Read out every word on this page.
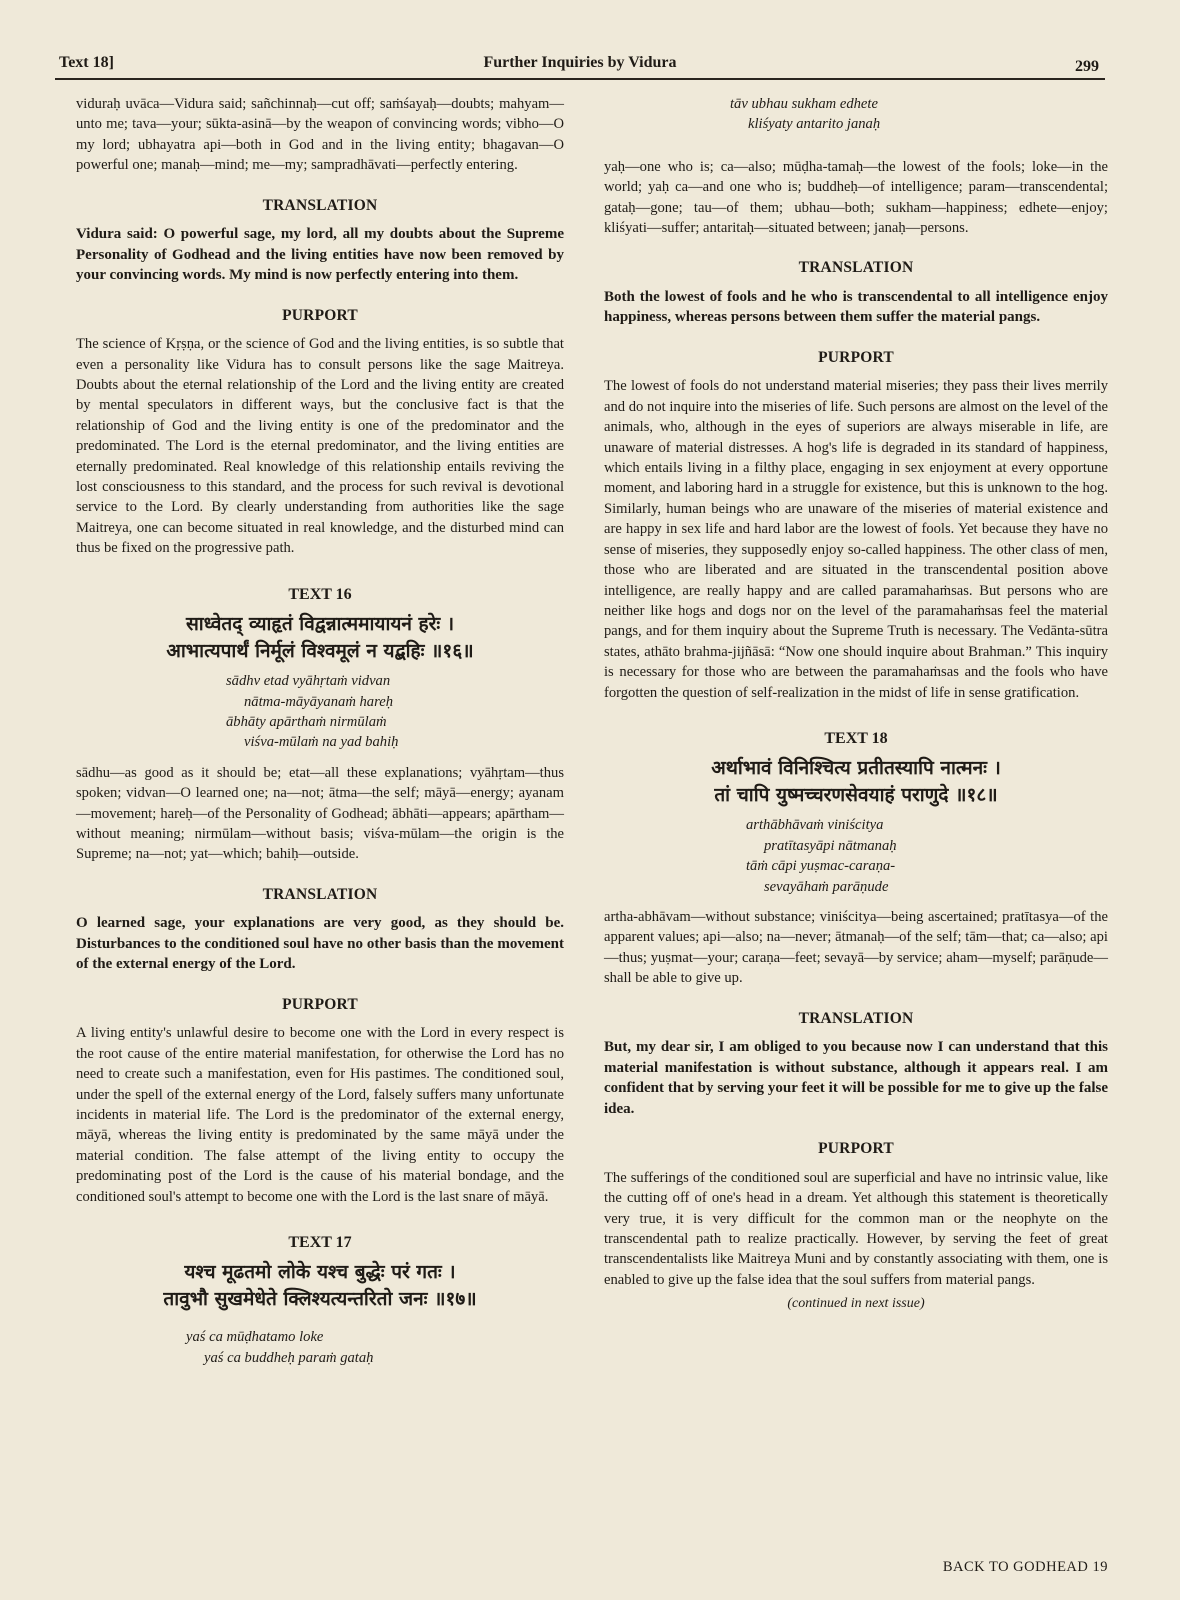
Text 18]	Further Inquiries by Vidura	299

viduraḥ uvāca—Vidura said; sañchinnaḥ—cut off; saṁśayaḥ—doubts; mahyam—unto me; tava—your; sūkta-asinā—by the weapon of convincing words; vibho—O my lord; ubhayatra api—both in God and in the living entity; bhagavan—O powerful one; manaḥ—mind; me—my; sampradhāvati—perfectly entering.

TRANSLATION

Vidura said: O powerful sage, my lord, all my doubts about the Supreme Personality of Godhead and the living entities have now been removed by your convincing words. My mind is now perfectly entering into them.

PURPORT

The science of Kṛṣṇa, or the science of God and the living entities, is so subtle that even a personality like Vidura has to consult persons like the sage Maitreya. Doubts about the eternal relationship of the Lord and the living entity are created by mental speculators in different ways, but the conclusive fact is that the relationship of God and the living entity is one of the predominator and the predominated. The Lord is the eternal predominator, and the living entities are eternally predominated. Real knowledge of this relationship entails reviving the lost consciousness to this standard, and the process for such revival is devotional service to the Lord. By clearly understanding from authorities like the sage Maitreya, one can become situated in real knowledge, and the disturbed mind can thus be fixed on the progressive path.

TEXT 16
साध्वेतद् व्याहृतं विद्वन्नात्ममायायनं हरेः ।
आभात्यपार्थं निर्मूलं विश्वमूलं न यद्बहिः ॥१६॥
sādhv etad vyāhṛtaṁ vidvan
nātma-māyāyanaṁ hareḥ
ābhāty apārthaṁ nirmūlaṁ
viśva-mūlaṁ na yad bahiḥ

sādhu—as good as it should be; etat—all these explanations; vyāhṛtam—thus spoken; vidvan—O learned one; na—not; ātma—the self; māyā—energy; ayanam—movement; hareḥ—of the Personality of Godhead; ābhāti—appears; apārtham—without meaning; nirmūlam—without basis; viśva-mūlam—the origin is the Supreme; na—not; yat—which; bahiḥ—outside.

TRANSLATION

O learned sage, your explanations are very good, as they should be. Disturbances to the conditioned soul have no other basis than the movement of the external energy of the Lord.

PURPORT

A living entity's unlawful desire to become one with the Lord in every respect is the root cause of the entire material manifestation, for otherwise the Lord has no need to create such a manifestation, even for His pastimes. The conditioned soul, under the spell of the external energy of the Lord, falsely suffers many unfortunate incidents in material life. The Lord is the predominator of the external energy, māyā, whereas the living entity is predominated by the same māyā under the material condition. The false attempt of the living entity to occupy the predominating post of the Lord is the cause of his material bondage, and the conditioned soul's attempt to become one with the Lord is the last snare of māyā.

TEXT 17
यश्च मूढतमो लोके यश्च बुद्धेः परं गतः ।
तावुभौ सुखमेधेते क्लिश्यत्यन्तरितो जनः ॥१७॥
yaś ca mūḍhatamo loke
yaś ca buddheḥ paraṁ gataḥ
tāv ubhau sukham edhete
kliśyaty antarito janaḥ

yaḥ—one who is; ca—also; mūḍha-tamaḥ—the lowest of the fools; loke—in the world; yaḥ ca—and one who is; buddheḥ—of intelligence; param—transcendental; gataḥ—gone; tau—of them; ubhau—both; sukham—happiness; edhete—enjoy; kliśyati—suffer; antaritaḥ—situated between; janaḥ—persons.

TRANSLATION

Both the lowest of fools and he who is transcendental to all intelligence enjoy happiness, whereas persons between them suffer the material pangs.

PURPORT

The lowest of fools do not understand material miseries; they pass their lives merrily and do not inquire into the miseries of life. Such persons are almost on the level of the animals, who, although in the eyes of superiors are always miserable in life, are unaware of material distresses. A hog's life is degraded in its standard of happiness, which entails living in a filthy place, engaging in sex enjoyment at every opportune moment, and laboring hard in a struggle for existence, but this is unknown to the hog. Similarly, human beings who are unaware of the miseries of material existence and are happy in sex life and hard labor are the lowest of fools. Yet because they have no sense of miseries, they supposedly enjoy so-called happiness. The other class of men, those who are liberated and are situated in the transcendental position above intelligence, are really happy and are called paramahaṁsas. But persons who are neither like hogs and dogs nor on the level of the paramahaṁsas feel the material pangs, and for them inquiry about the Supreme Truth is necessary. The Vedānta-sūtra states, athāto brahma-jijñāsā: “Now one should inquire about Brahman.” This inquiry is necessary for those who are between the paramahaṁsas and the fools who have forgotten the question of self-realization in the midst of life in sense gratification.

TEXT 18
अर्थाभावं विनिश्चित्य प्रतीतस्यापि नात्मनः ।
तां चापि युष्मच्चरणसेवयाहं पराणुदे ॥१८॥
arthābhāvaṁ viniścitya
pratītasyāpi nātmanaḥ
tāṁ cāpi yuṣmac-caraṇa-
sevayāhaṁ parāṇude

artha-abhāvam—without substance; viniścitya—being ascertained; pratītasya—of the apparent values; api—also; na—never; ātmanaḥ—of the self; tām—that; ca—also; api—thus; yuṣmat—your; caraṇa—feet; sevayā—by service; aham—myself; parāṇude—shall be able to give up.

TRANSLATION

But, my dear sir, I am obliged to you because now I can understand that this material manifestation is without substance, although it appears real. I am confident that by serving your feet it will be possible for me to give up the false idea.

PURPORT

The sufferings of the conditioned soul are superficial and have no intrinsic value, like the cutting off of one's head in a dream. Yet although this statement is theoretically very true, it is very difficult for the common man or the neophyte on the transcendental path to realize practically. However, by serving the feet of great transcendentalists like Maitreya Muni and by constantly associating with them, one is enabled to give up the false idea that the soul suffers from material pangs.

(continued in next issue)
BACK TO GODHEAD 19
